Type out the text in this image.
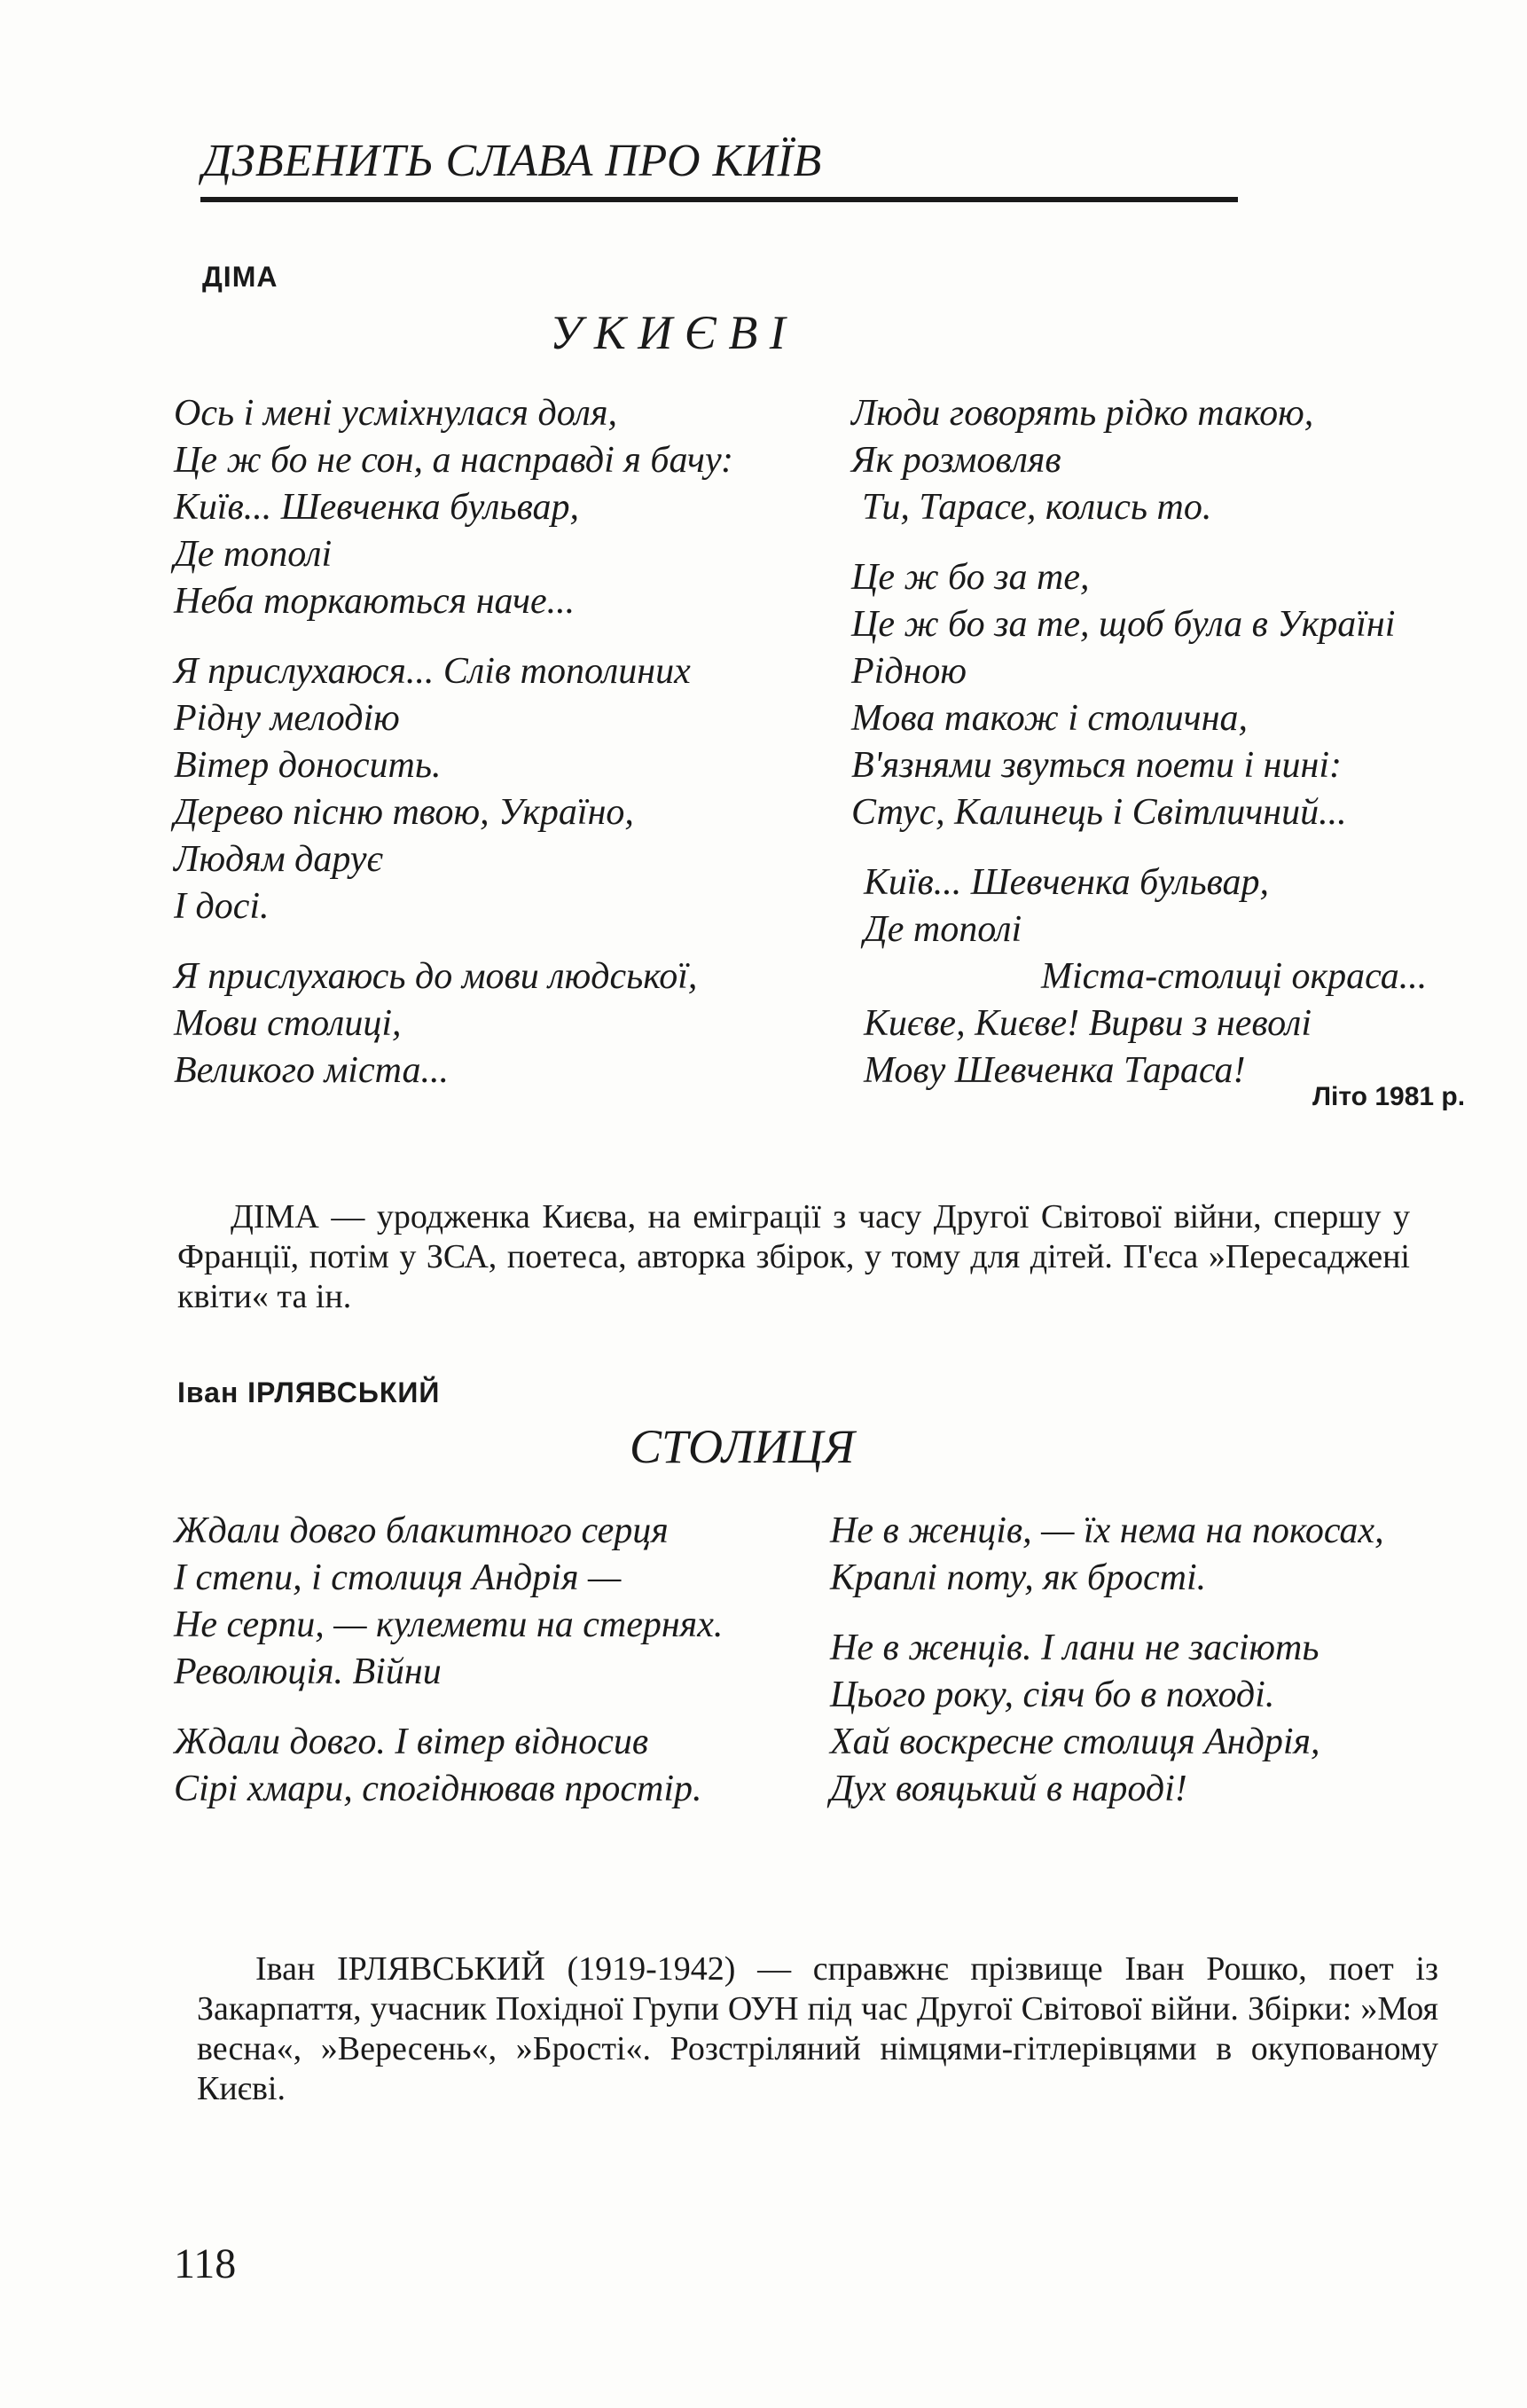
ДЗВЕНИТЬ СЛАВА ПРО КИЇВ
ДІМА
У К И Є В І
Ось і мені усміхнулася доля,
Це ж бо не сон, а насправді я бачу:
Київ... Шевченка бульвар,
Де тополі
Неба торкаються наче...
Я прислухаюся... Слів тополиних
Рідну мелодію
Вітер доносить.
Дерево пісню твою, Україно,
Людям дарує
І досі.
Я прислухаюсь до мови людської,
Мови столиці,
Великого міста...
Люди говорять рідко такою,
Як розмовляв
Ти, Тарасе, колись то.
Це ж бо за те,
Це ж бо за те, щоб була в Україні
Рідною
Мова також і столична,
В'язнями звуться поети і нині:
Стус, Калинець і Світличний...
Київ... Шевченка бульвар,
Де тополі
Міста-столиці окраса...
Києве, Києве! Вирви з неволі
Мову Шевченка Тараса!
Літо 1981 р.
ДІМА — уродженка Києва, на еміграції з часу Другої Світової війни, спершу у Франції, потім у ЗСА, поетеса, авторка збірок, у тому для дітей. П'єса »Пересаджені квіти« та ін.
Іван ІРЛЯВСЬКИЙ
СТОЛИЦЯ
Ждали довго блакитного серця
І степи, і столиця Андрія —
Не серпи, — кулемети на стернях.
Революція. Війни
Ждали довго. І вітер відносив
Сірі хмари, спогіднював простір.
Не в женців, — їх нема на покосах,
Краплі поту, як брості.
Не в женців. І лани не засіють
Цього року, сіяч бо в поході.
Хай воскресне столиця Андрія,
Дух вояцький в народі!
Іван ІРЛЯВСЬКИЙ (1919-1942) — справжнє прізвище Іван Рошко, поет із Закарпаття, учасник Похідної Групи ОУН під час Другої Світової війни. Збірки: »Моя весна«, »Вересень«, »Брості«. Розстріляний німцями-гітлерівцями в окупованому Києві.
118
